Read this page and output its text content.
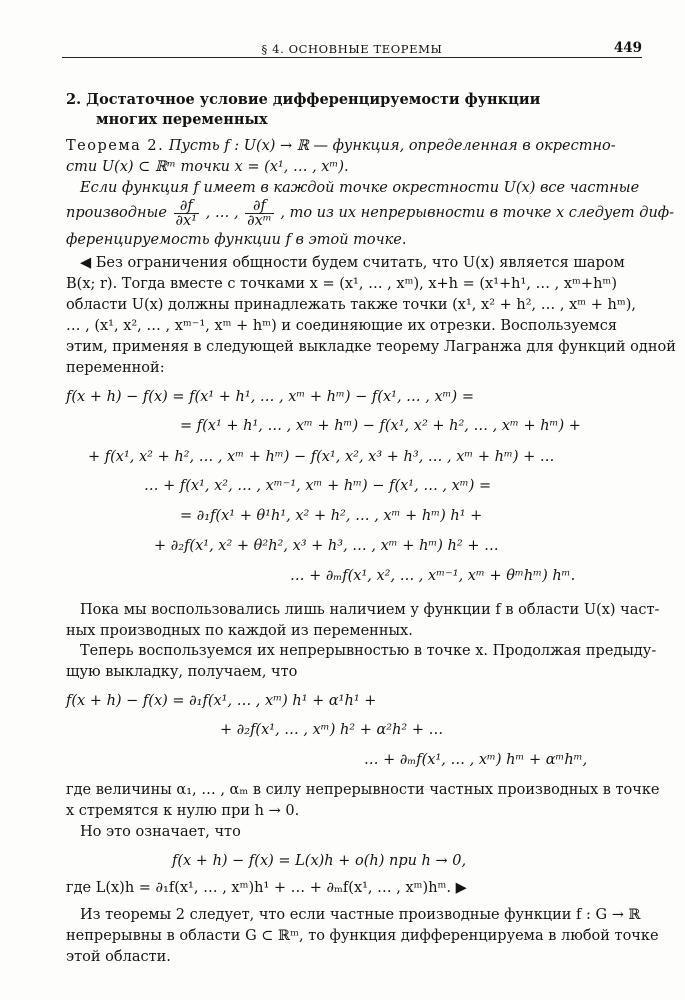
§ 4. ОСНОВНЫЕ ТЕОРЕМЫ	449
2. Достаточное условие дифференцируемости функции
многих переменных
Теорема 2. Пусть f : U(x) → ℝ — функция, определенная в окрестно-
сти U(x) ⊂ ℝᵐ точки x = (x¹, … , xᵐ).
Если функция f имеет в каждой точке окрестности U(x) все частные
производные $\frac{\partial f}{\text{∂x¹}}$ , … , $\frac{\partial f}{\text{∂xᵐ}}$ , то из их непрерывности в точке x следует диф-
ференцируемость функции f в этой точке.
◀ Без ограничения общности будем считать, что U(x) является шаром
B(x; r). Тогда вместе с точками x = (x¹, … , xᵐ), x+h = (x¹+h¹, … , xᵐ+hᵐ)
области U(x) должны принадлежать также точки (x¹, x² + h², … , xᵐ + hᵐ),
… , (x¹, x², … , xᵐ⁻¹, xᵐ + hᵐ) и соединяющие их отрезки. Воспользуемся
этим, применяя в следующей выкладке теорему Лагранжа для функций одной
переменной:
f(x + h) − f(x) = f(x¹ + h¹, … , xᵐ + hᵐ) − f(x¹, … , xᵐ) =
= f(x¹ + h¹, … , xᵐ + hᵐ) − f(x¹, x² + h², … , xᵐ + hᵐ) +
+ f(x¹, x² + h², … , xᵐ + hᵐ) − f(x¹, x², x³ + h³, … , xᵐ + hᵐ) + …
… + f(x¹, x², … , xᵐ⁻¹, xᵐ + hᵐ) − f(x¹, … , xᵐ) =
= ∂₁f(x¹ + θ¹h¹, x² + h², … , xᵐ + hᵐ) h¹ +
+ ∂₂f(x¹, x² + θ²h², x³ + h³, … , xᵐ + hᵐ) h² + …
… + ∂ₘf(x¹, x², … , xᵐ⁻¹, xᵐ + θᵐhᵐ) hᵐ.
Пока мы воспользовались лишь наличием у функции f в области U(x) част-
ных производных по каждой из переменных.
Теперь воспользуемся их непрерывностью в точке x. Продолжая предыду-
щую выкладку, получаем, что
f(x + h) − f(x) = ∂₁f(x¹, … , xᵐ) h¹ + α¹h¹ +
+ ∂₂f(x¹, … , xᵐ) h² + α²h² + …
… + ∂ₘf(x¹, … , xᵐ) hᵐ + αᵐhᵐ,
где величины α₁, … , αₘ в силу непрерывности частных производных в точке
x стремятся к нулю при h → 0.
Но это означает, что
f(x + h) − f(x) = L(x)h + o(h) при h → 0,
где L(x)h = ∂₁f(x¹, … , xᵐ)h¹ + … + ∂ₘf(x¹, … , xᵐ)hᵐ. ▶
Из теоремы 2 следует, что если частные производные функции f : G → ℝ
непрерывны в области G ⊂ ℝᵐ, то функция дифференцируема в любой точке
этой области.
